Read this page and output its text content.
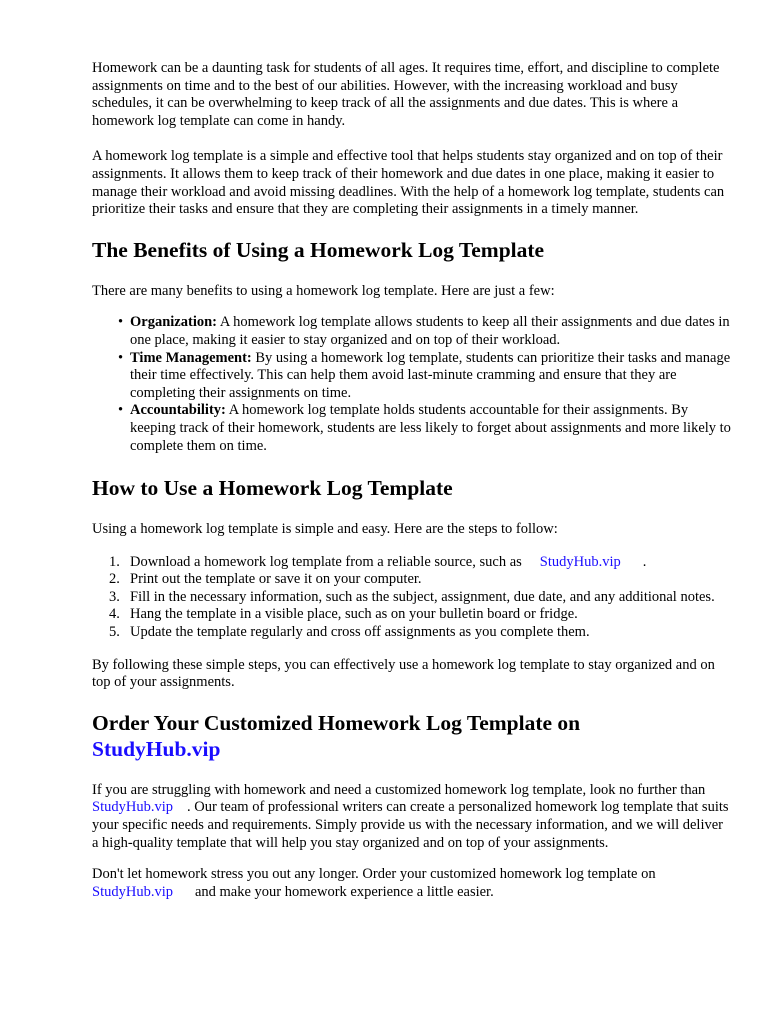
Homework can be a daunting task for students of all ages. It requires time, effort, and discipline to complete assignments on time and to the best of our abilities. However, with the increasing workload and busy schedules, it can be overwhelming to keep track of all the assignments and due dates. This is where a homework log template can come in handy.

A homework log template is a simple and effective tool that helps students stay organized and on top of their assignments. It allows them to keep track of their homework and due dates in one place, making it easier to manage their workload and avoid missing deadlines. With the help of a homework log template, students can prioritize their tasks and ensure that they are completing their assignments in a timely manner.

The Benefits of Using a Homework Log Template

There are many benefits to using a homework log template. Here are just a few:

• Organization: A homework log template allows students to keep all their assignments and due dates in one place, making it easier to stay organized and on top of their workload.
• Time Management: By using a homework log template, students can prioritize their tasks and manage their time effectively. This can help them avoid last-minute cramming and ensure that they are completing their assignments on time.
• Accountability: A homework log template holds students accountable for their assignments. By keeping track of their homework, students are less likely to forget about assignments and more likely to complete them on time.
How to Use a Homework Log Template

Using a homework log template is simple and easy. Here are the steps to follow:

1. Download a homework log template from a reliable source, such as StudyHub.vip .
2. Print out the template or save it on your computer.
3. Fill in the necessary information, such as the subject, assignment, due date, and any additional notes.
4. Hang the template in a visible place, such as on your bulletin board or fridge.
5. Update the template regularly and cross off assignments as you complete them.

By following these simple steps, you can effectively use a homework log template to stay organized and on top of your assignments.

Order Your Customized Homework Log Template on
StudyHub.vip

If you are struggling with homework and need a customized homework log template, look no further thanStudyHub.vip . Our team of professional writers can create a personalized homework log template that suits your specific needs and requirements. Simply provide us with the necessary information, and we will deliver a high-quality template that will help you stay organized and on top of your assignments.

Don't let homework stress you out any longer. Order your customized homework log template on StudyHub.vip and make your homework experience a little easier.
